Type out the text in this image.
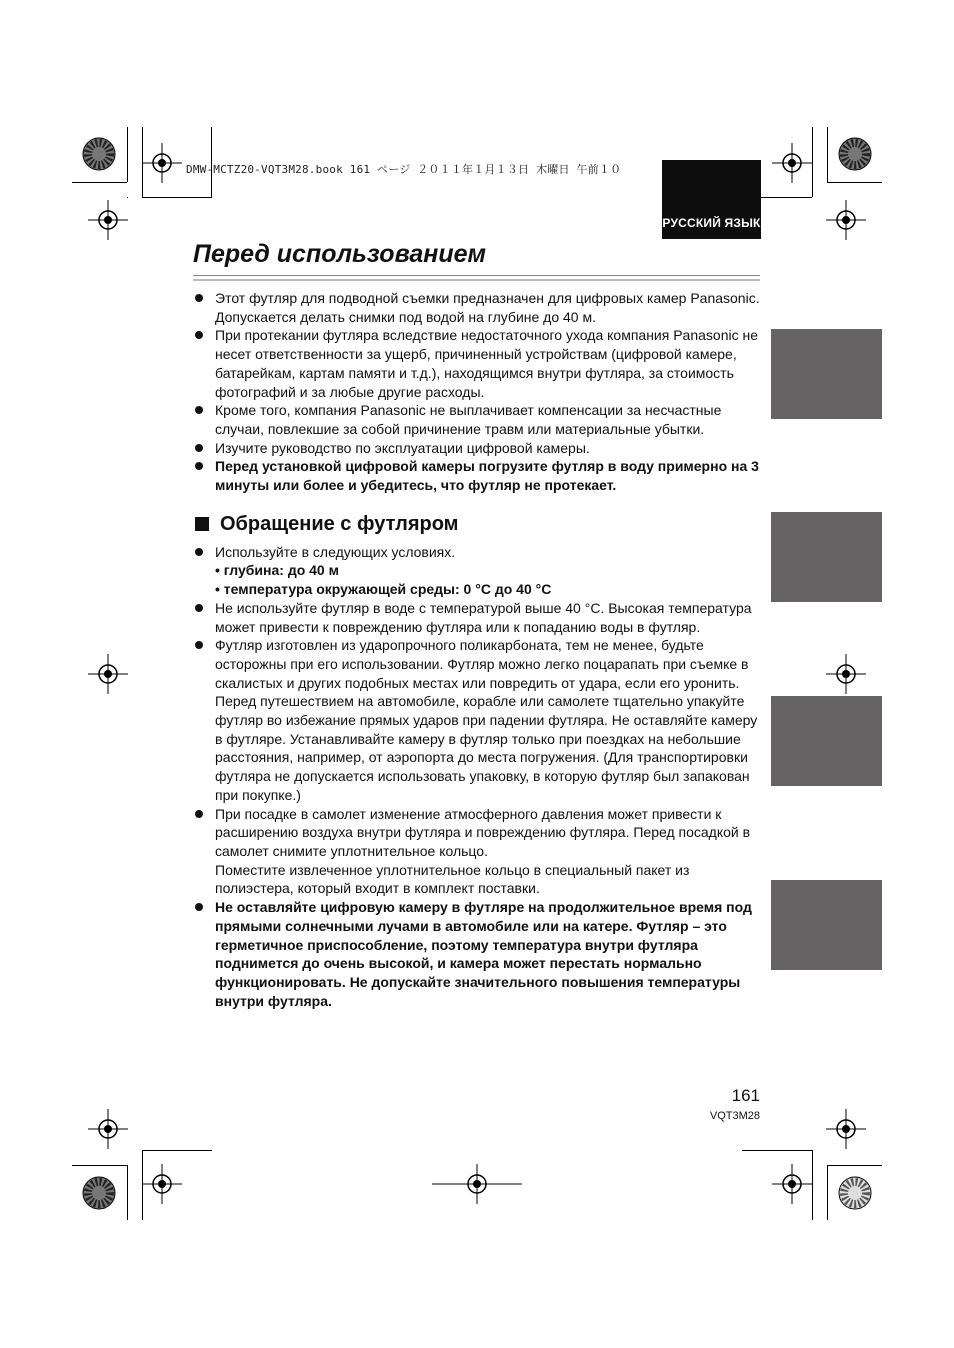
DMW-MCTZ20-VQT3M28.book 161 ページ ２０１１年１月１３日 木曜日 午前１０
РУССКИЙ ЯЗЫК
Перед использованием

Этот футляр для подводной съемки предназначен для цифровых камер Panasonic.

Допускается делать снимки под водой на глубине до 40 м.

При протекании футляра вследствие недостаточного ухода компания Panasonic не несет ответственности за ущерб, причиненный устройствам (цифровой камере, батарейкам, картам памяти и т.д.), находящимся внутри футляра, за стоимость фотографий и за любые другие расходы.

Кроме того, компания Panasonic не выплачивает компенсации за несчастные случаи, повлекшие за собой причинение травм или материальные убытки.

Изучите руководство по эксплуатации цифровой камеры.

Перед установкой цифровой камеры погрузите футляр в воду примерно на 3 минуты или более и убедитесь, что футляр не протекает.

Обращение с футляром

Используйте в следующих условиях.

• глубина: до 40 м

• температура окружающей среды: 0 °C до 40 °C

Не используйте футляр в воде с температурой выше 40 °C. Высокая температура может привести к повреждению футляра или к попаданию воды в футляр.

Футляр изготовлен из ударопрочного поликарбоната, тем не менее, будьте осторожны при его использовании. Футляр можно легко поцарапать при съемке в скалистых и других подобных местах или повредить от удара, если его уронить. Перед путешествием на автомобиле, корабле или самолете тщательно упакуйте футляр во избежание прямых ударов при падении футляра. Не оставляйте камеру в футляре. Устанавливайте камеру в футляр только при поездках на небольшие расстояния, например, от аэропорта до места погружения. (Для транспортировки футляра не допускается использовать упаковку, в которую футляр был запакован при покупке.)

При посадке в самолет изменение атмосферного давления может привести к расширению воздуха внутри футляра и повреждению футляра. Перед посадкой в самолет снимите уплотнительное кольцо.

Поместите извлеченное уплотнительное кольцо в специальный пакет из полиэстера, который входит в комплект поставки.

Не оставляйте цифровую камеру в футляре на продолжительное время под прямыми солнечными лучами в автомобиле или на катере. Футляр – это герметичное приспособление, поэтому температура внутри футляра поднимется до очень высокой, и камера может перестать нормально функционировать. Не допускайте значительного повышения температуры внутри футляра.

161
VQT3M28
